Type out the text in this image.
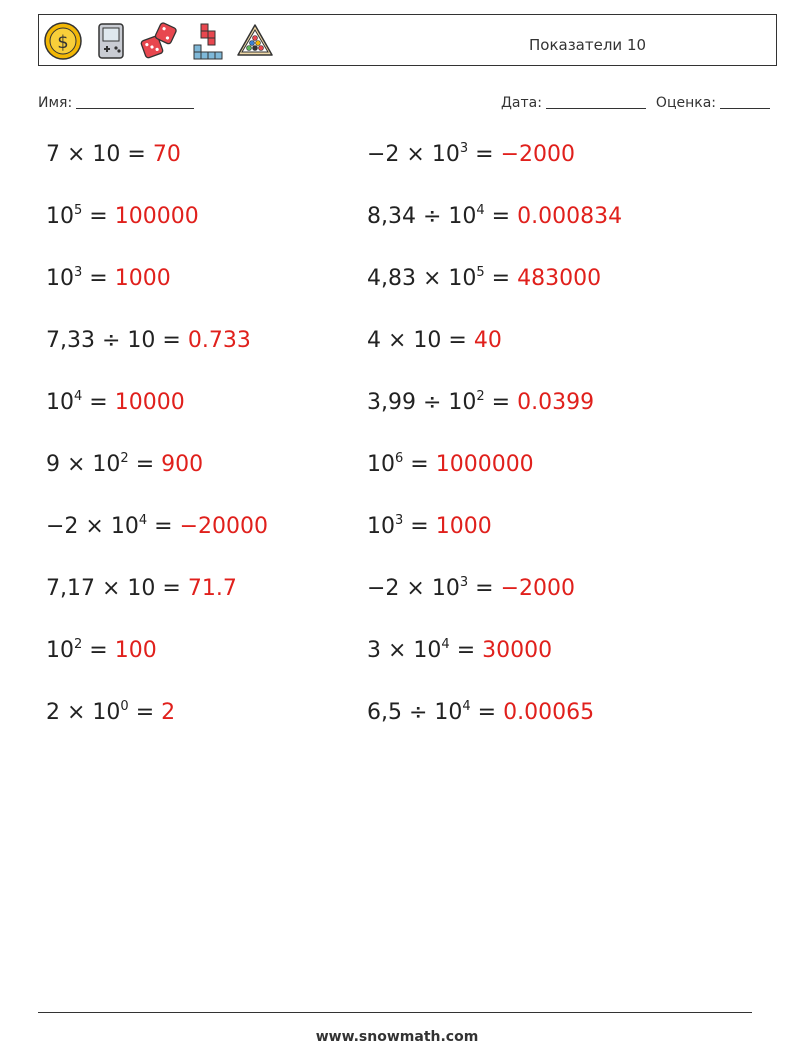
$	Показатели 10
Имя:	Дата:	Оценка:
7 × 10 = 70
$10^5 = 100000$
$10^3 = 1000$
7,33 ÷ 10 = 0.733
$10^4 = 10000$
$9 \times 10^2 = 900$
$-2 \times 10^4 = -20000$
7,17 × 10 = 71.7
$10^2 = 100$
$2 \times 10^0 = 2$
$-2 \times 10^3 = -2000$
$8,34 \div 10^4 = 0.000834$
$4,83 \times 10^5 = 483000$
4 × 10 = 40
$3,99 \div 10^2 = 0.0399$
$10^6 = 1000000$
$10^3 = 1000$
$-2 \times 10^3 = -2000$
$3 \times 10^4 = 30000$
$6,5 \div 10^4 = 0.00065$
www.snowmath.com
